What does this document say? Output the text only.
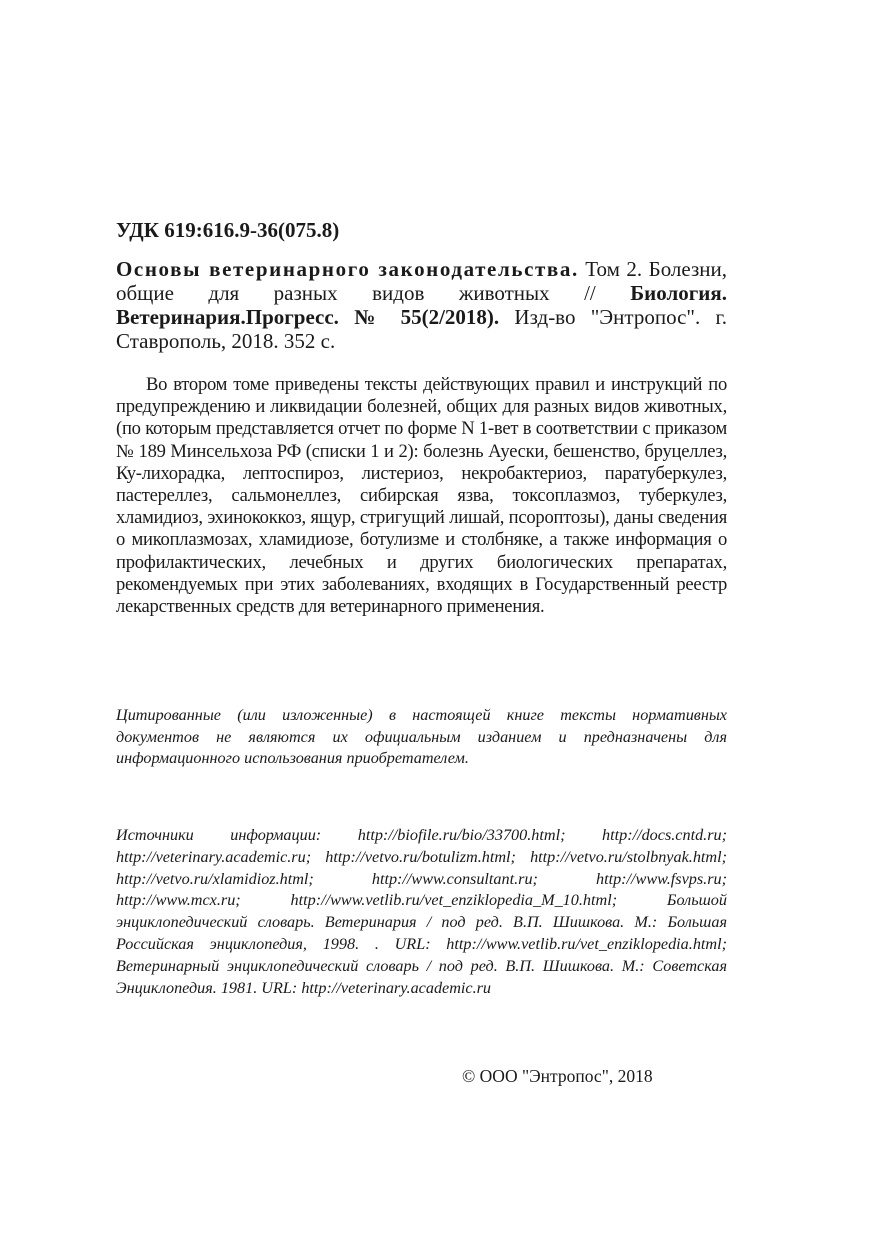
УДК 619:616.9-36(075.8)
Основы ветеринарного законодательства. Том 2. Болезни, общие для разных видов животных // Биология. Ветеринария.Прогресс. № 55(2/2018). Изд-во "Энтропос". г. Ставрополь, 2018. 352 с.
Во втором томе приведены тексты действующих правил и инструкций по предупреждению и ликвидации болезней, общих для разных видов животных,(по которым представляется отчет по форме N 1-вет в соответствии с приказом № 189 Минсельхоза РФ (списки 1 и 2): болезнь Ауески, бешенство, бруцеллез, Ку-лихорадка, лептоспироз, листериоз, некробактериоз, паратуберкулез, пастереллез, сальмонеллез, сибирская язва, токсоплазмоз, туберкулез, хламидиоз, эхинококкоз, ящур, стригущий лишай, псороптозы), даны сведения о микоплазмозах, хламидиозе, ботулизме и столбняке, а также информация о профилактических, лечебных и других биологических препаратах, рекомендуемых при этих заболеваниях, входящих в Государственный реестр лекарственных средств для ветеринарного применения.
Цитированные (или изложенные) в настоящей книге тексты нормативных документов не являются их официальным изданием и предназначены для информационного использования приобретателем.
Источники информации: http://biofile.ru/bio/33700.html; http://docs.cntd.ru; http://veterinary.academic.ru; http://vetvo.ru/botulizm.html; http://vetvo.ru/stolbnyak.html; http://vetvo.ru/xlamidioz.html; http://www.consultant.ru; http://www.fsvps.ru; http://www.mcx.ru; http://www.vetlib.ru/vet_enziklopedia_M_10.html; Большой энциклопедический словарь. Ветеринария / под ред. В.П. Шишкова. М.: Большая Российская энциклопедия, 1998. . URL: http://www.vetlib.ru/vet_enziklopedia.html; Ветеринарный энциклопедический словарь / под ред. В.П. Шишкова. М.: Советская Энциклопедия. 1981. URL: http://veterinary.academic.ru
© ООО "Энтропос", 2018
